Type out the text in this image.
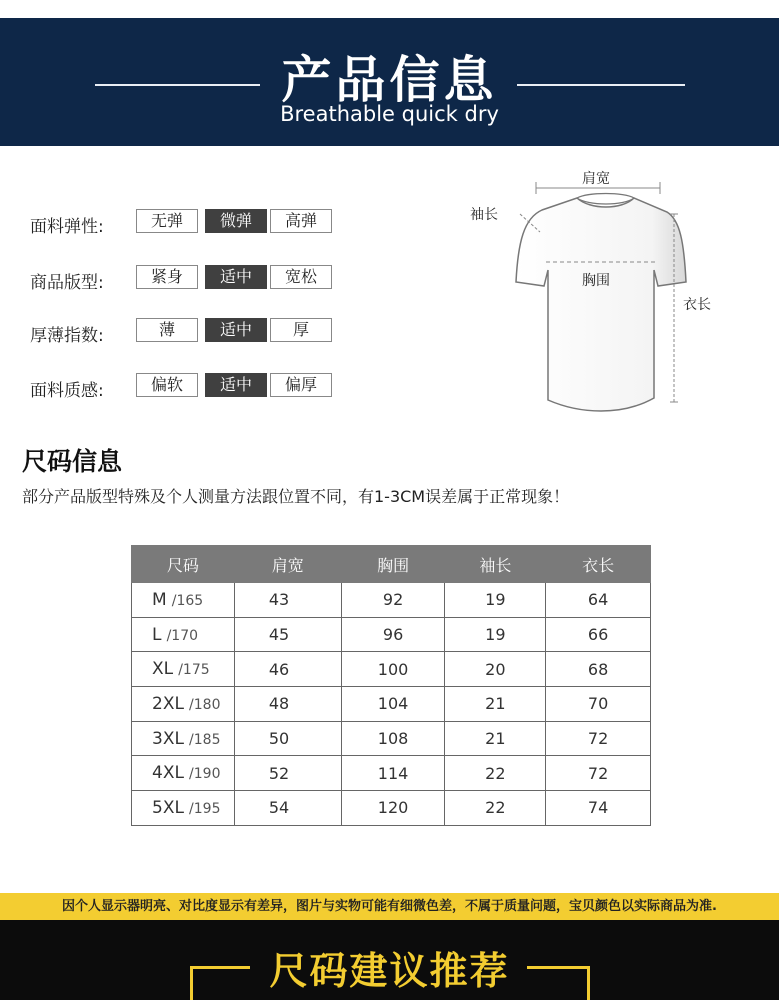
产品信息
Breathable quick dry
面料弹性:	无弹	微弹	高弹
商品版型:	紧身	适中	宽松
厚薄指数:	薄	适中	厚
面料质感:	偏软	适中	偏厚
肩宽
袖长
胸围
衣长
尺码信息
部分产品版型特殊及个人测量方法跟位置不同，有1-3CM误差属于正常现象！
尺码	肩宽	胸围	袖长	衣长
M /165	43	92	19	64
L /170	45	96	19	66
XL /175	46	100	20	68
2XL /180	48	104	21	70
3XL /185	50	108	21	72
4XL /190	52	114	22	72
5XL /195	54	120	22	74
因个人显示器明亮、对比度显示有差异，图片与实物可能有细微色差，不属于质量问题，宝贝颜色以实际商品为准.
尺码建议推荐
